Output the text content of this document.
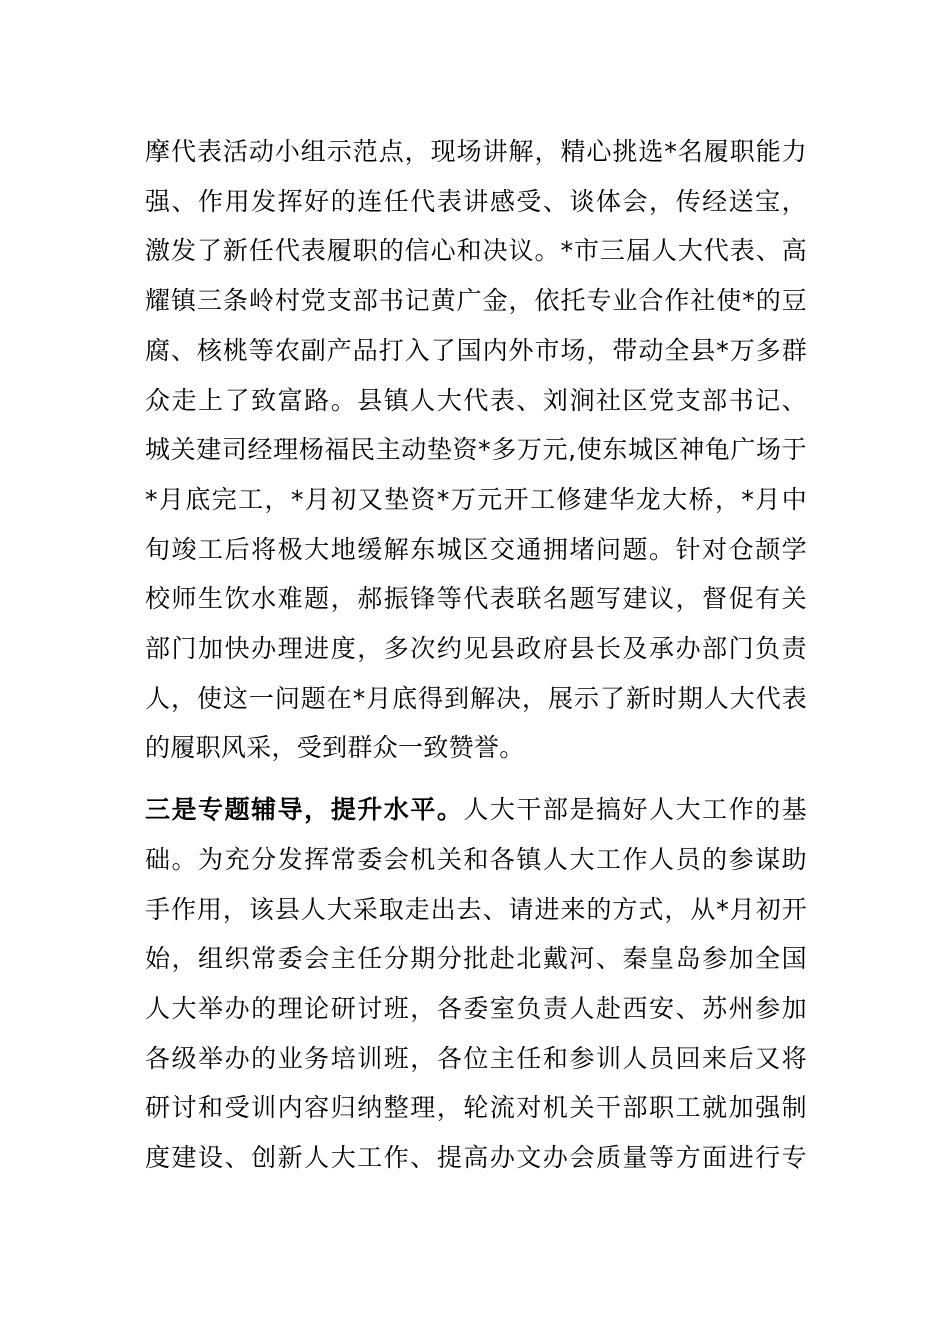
摩代表活动小组示范点，现场讲解，精心挑选*名履职能力
强、作用发挥好的连任代表讲感受、谈体会，传经送宝，
激发了新任代表履职的信心和决议。*市三届人大代表、高
耀镇三条岭村党支部书记黄广金，依托专业合作社使*的豆
腐、核桃等农副产品打入了国内外市场，带动全县*万多群
众走上了致富路。县镇人大代表、刘涧社区党支部书记、
城关建司经理杨福民主动垫资*多万元,使东城区神龟广场于
*月底完工，*月初又垫资*万元开工修建华龙大桥，*月中
旬竣工后将极大地缓解东城区交通拥堵问题。针对仓颉学
校师生饮水难题，郝振锋等代表联名题写建议，督促有关
部门加快办理进度，多次约见县政府县长及承办部门负责
人，使这一问题在*月底得到解决，展示了新时期人大代表
的履职风采，受到群众一致赞誉。

三是专题辅导，提升水平。人大干部是搞好人大工作的基
础。为充分发挥常委会机关和各镇人大工作人员的参谋助
手作用，该县人大采取走出去、请进来的方式，从*月初开
始，组织常委会主任分期分批赴北戴河、秦皇岛参加全国
人大举办的理论研讨班，各委室负责人赴西安、苏州参加
各级举办的业务培训班，各位主任和参训人员回来后又将
研讨和受训内容归纳整理，轮流对机关干部职工就加强制
度建设、创新人大工作、提高办文办会质量等方面进行专
